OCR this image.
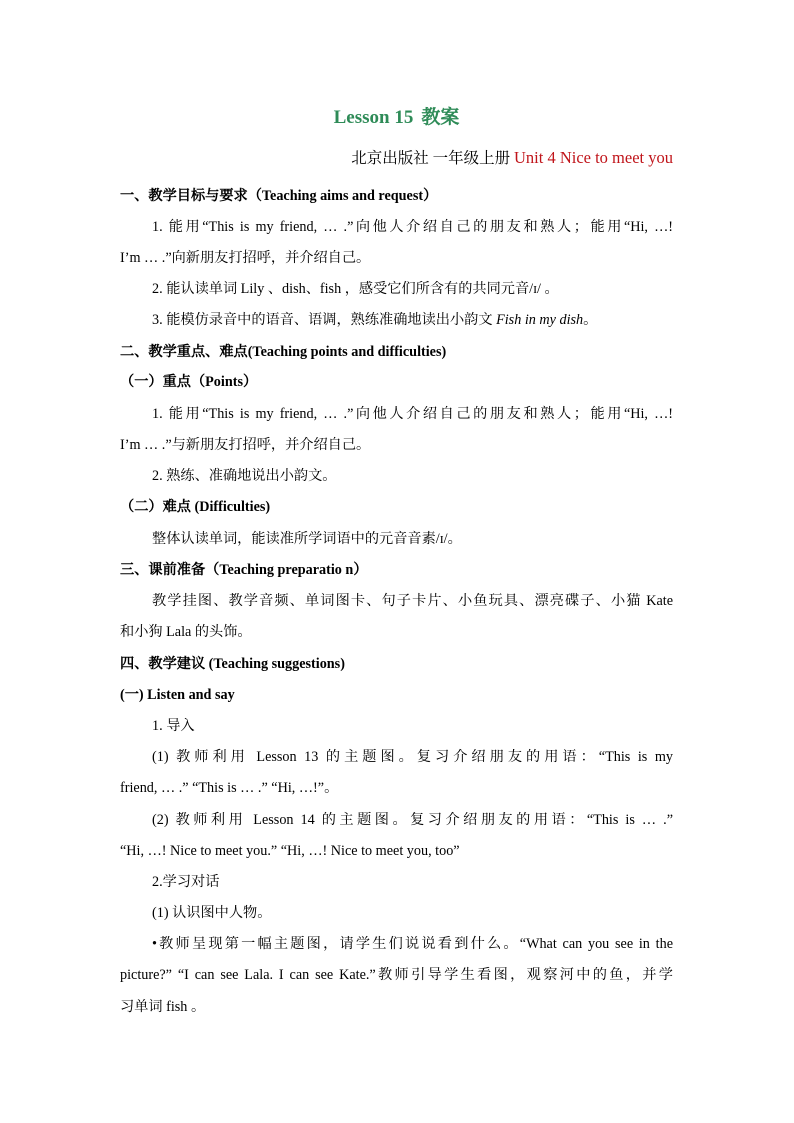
Lesson 15 教案
北京出版社 一年级上册 Unit 4 Nice to meet you
一、教学目标与要求（Teaching aims and request）
1. 能用“This is my friend, … .”向他人介绍自己的朋友和熟人；能用“Hi, …!
I’m … .”向新朋友打招呼，并介绍自己。
2. 能认读单词 Lily 、dish、fish ，感受它们所含有的共同元音/ɪ/ 。
3. 能模仿录音中的语音、语调，熟练准确地读出小韵文 Fish in my dish。
二、教学重点、难点(Teaching points and difficulties)
（一）重点（Points）
1. 能用“This is my friend, … .”向他人介绍自己的朋友和熟人；能用“Hi, …!
I’m … .”与新朋友打招呼，并介绍自己。
2. 熟练、准确地说出小韵文。
（二）难点 (Difficulties)
整体认读单词，能读准所学词语中的元音音素/ɪ/。
三、课前准备（Teaching preparatio n）
教学挂图、教学音频、单词图卡、句子卡片、小鱼玩具、漂亮碟子、小猫 Kate
和小狗 Lala 的头饰。
四、教学建议 (Teaching suggestions)
(一) Listen and say
1. 导入
(1) 教师利用 Lesson 13 的主题图。复习介绍朋友的用语：“This is my
friend, … .” “This is … .” “Hi, …!”。
(2) 教师利用 Lesson 14 的主题图。复习介绍朋友的用语：“This is … .”
“Hi, …! Nice to meet you.” “Hi, …! Nice to meet you, too”
2.学习对话
(1) 认识图中人物。
•教师呈现第一幅主题图，请学生们说说看到什么。“What can you see in the
picture?” “I can see Lala. I can see Kate.”教师引导学生看图，观察河中的鱼，并学
习单词 fish 。
